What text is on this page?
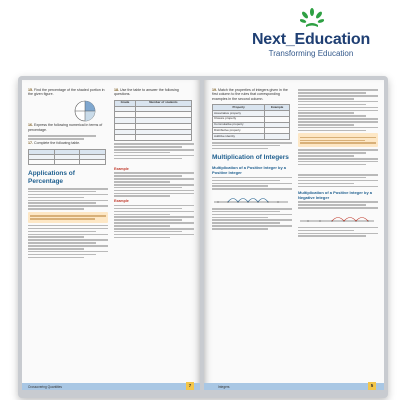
Next_Education
Transforming Education
15. Find the percentage of the shaded portion in the given figure.
16. Express the following numerical in terms of percentage.
17. Complete the following table.

Applications of Percentage
18. Use the table to answer the following questions.
Grade	Number of students

Example
Example
Crossovering Quantities	7
19. Match the properties of integers given in the first column to the rules that corresponding examples in the second column.
Property	Example
Associative property	
Closure property	
Commutative property	
Distributive property	
Additive identity	
Multiplication of Integers
Multiplication of a Positive Integer by a Positive Integer
Multiplication of a Positive Integer by a Negative Integer
Integers	5
